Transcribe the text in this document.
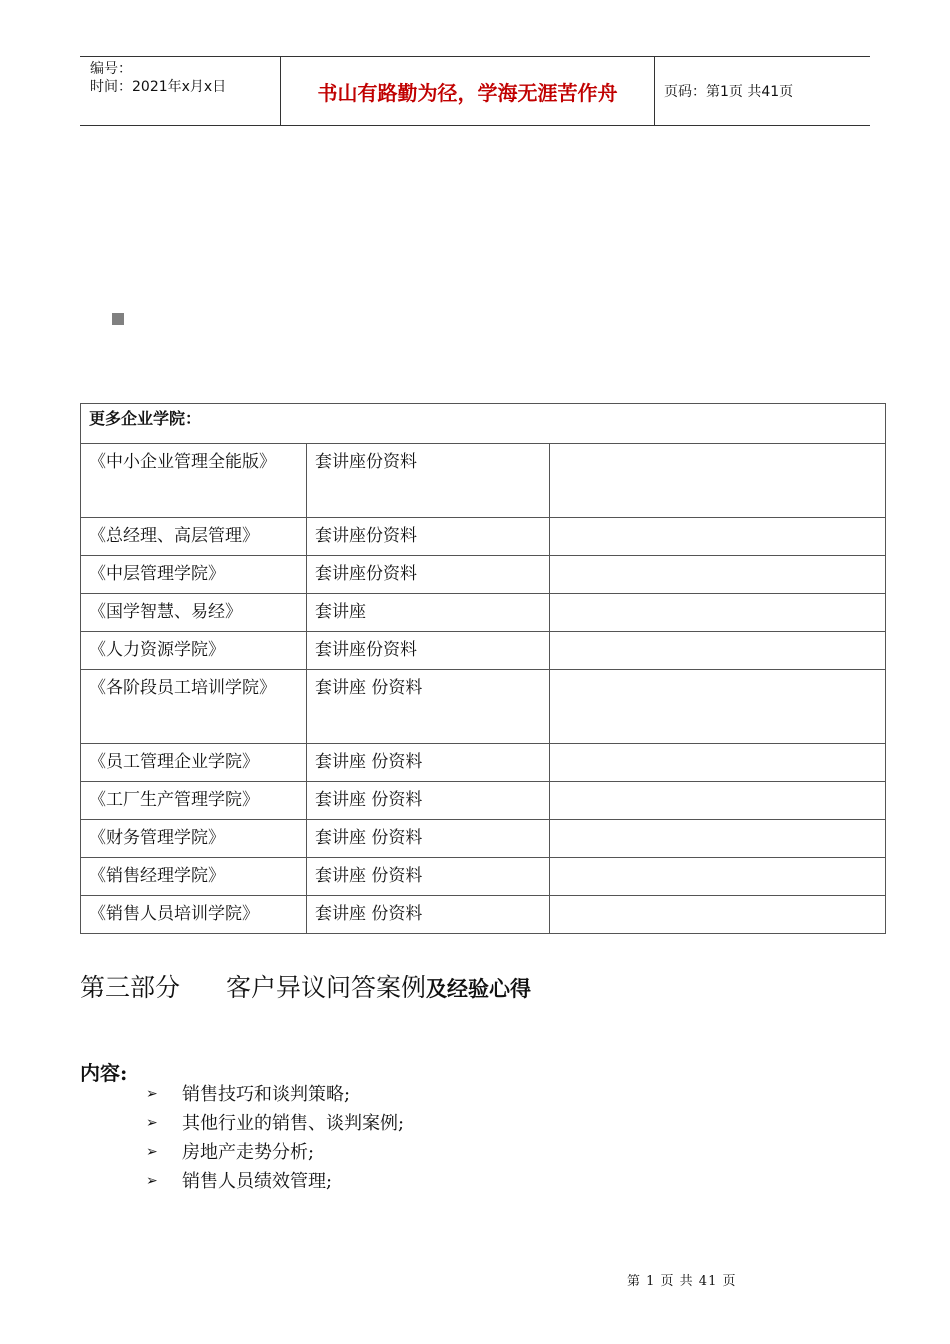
编号：
时间：2021年x月x日	书山有路勤为径，学海无涯苦作舟	页码：第1页 共41页
更多企业学院：		
《中小企业管理全能版》	套讲座份资料	
《总经理、高层管理》	套讲座份资料	
《中层管理学院》	套讲座份资料	
《国学智慧、易经》	套讲座	
《人力资源学院》	套讲座份资料	
《各阶段员工培训学院》	套讲座 份资料	
《员工管理企业学院》	套讲座 份资料	
《工厂生产管理学院》	套讲座 份资料	
《财务管理学院》	套讲座 份资料	
《销售经理学院》	套讲座 份资料	
《销售人员培训学院》	套讲座 份资料	
第三部分 客户异议问答案例及经验心得
内容:
➢	销售技巧和谈判策略;
➢	其他行业的销售、谈判案例;
➢	房地产走势分析;
➢	销售人员绩效管理;
第 1 页 共 41 页
